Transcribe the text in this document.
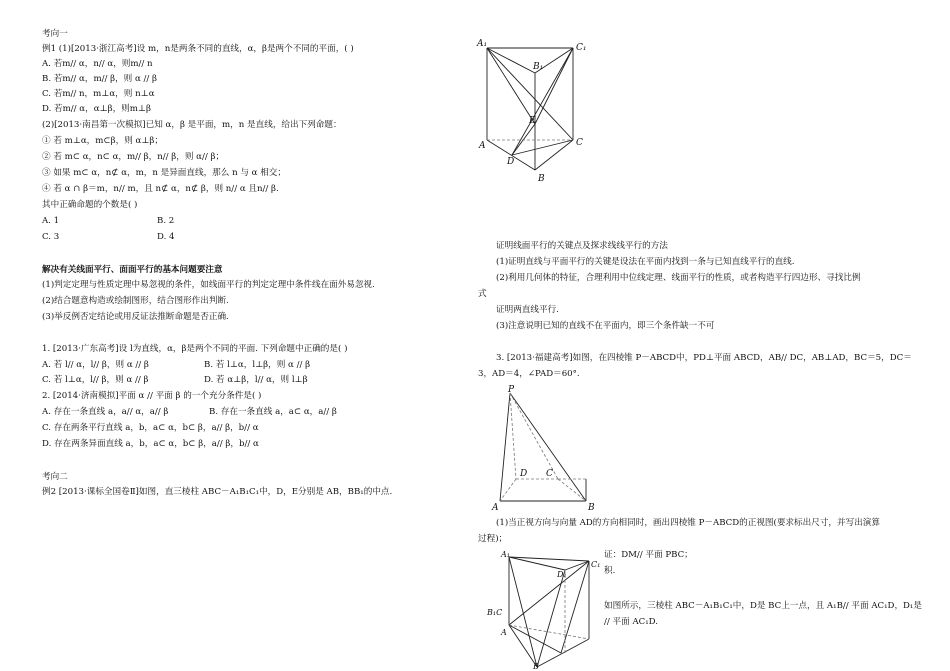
考向一
例1 (1)[2013·浙江高考]设 m，n是两条不同的直线，α，β是两个不同的平面，( )
A. 若m// α，n// α，则m// n
B. 若m// α，m// β，则 α // β
C. 若m// n，m⊥α，则 n⊥α
D. 若m// α，α⊥β，则m⊥β
(2)[2013·南昌第一次模拟]已知 α，β 是平面，m，n 是直线，给出下列命题：
① 若 m⊥α，m⊂β，则 α⊥β；
② 若 m⊂ α，n⊂ α，m// β，n// β，则 α// β；
③ 如果 m⊂ α，n⊄ α，m，n 是异面直线，那么 n 与 α 相交；
④ 若 α ∩ β＝m，n// m，且 n⊄ α，n⊄ β，则 n// α 且n// β.
其中正确命题的个数是( )
A. 1	B. 2
C. 3	D. 4
解决有关线面平行、面面平行的基本问题要注意
(1)判定定理与性质定理中易忽视的条件，如线面平行的判定定理中条件线在面外易忽视.
(2)结合题意构造或绘制图形，结合图形作出判断.
(3)举反例否定结论或用反证法推断命题是否正确.
1. [2013·广东高考]设 l为直线，α，β是两个不同的平面. 下列命题中正确的是( )
A. 若 l// α，l// β，则 α // β	B. 若 l⊥α，l⊥β，则 α // β
C. 若 l⊥α，l// β，则 α // β	D. 若 α⊥β，l// α，则 l⊥β
2. [2014·济南模拟]平面 α // 平面 β 的一个充分条件是( )
A. 存在一条直线 a，a// α，a// β	B. 存在一条直线 a，a⊂ α，a// β
C. 存在两条平行直线 a，b，a⊂ α，b⊂ β，a// β，b// α
D. 存在两条异面直线 a，b，a⊂ α，b⊂ β，a// β，b// α
考向二
例2 [2013·课标全国卷Ⅱ]如图，直三棱柱 ABC－A₁B₁C₁中，D，E分别是 AB，BB₁的中点.
A₁	C₁
B₁
E
A
D
C
B
证明线面平行的关键点及探求线线平行的方法
(1)证明直线与平面平行的关键是设法在平面内找到一条与已知直线平行的直线.
(2)利用几何体的特征，合理利用中位线定理、线面平行的性质，或者构造平行四边形、寻找比例
式
证明两直线平行.
(3)注意说明已知的直线不在平面内，即三个条件缺一不可
3. [2013·福建高考]如图，在四棱锥 P－ABCD中，PD⊥平面 ABCD，AB// DC，AB⊥AD，BC＝5，DC＝
3，AD＝4，∠PAD＝60°.
(1)当正视方向与向量 AD的方向相同时，画出四棱锥 P－ABCD的正视图(要求标出尺寸，并写出演算
过程)；
证：DM// 平面 PBC；
积.
如图所示，三棱柱 ABC－A₁B₁C₁中，D是 BC上一点，且 A₁B// 平面 AC₁D，D₁是
// 平面 AC₁D.
P
D C
A	B
A₁
D₁
C₁
B₁C
A
B
